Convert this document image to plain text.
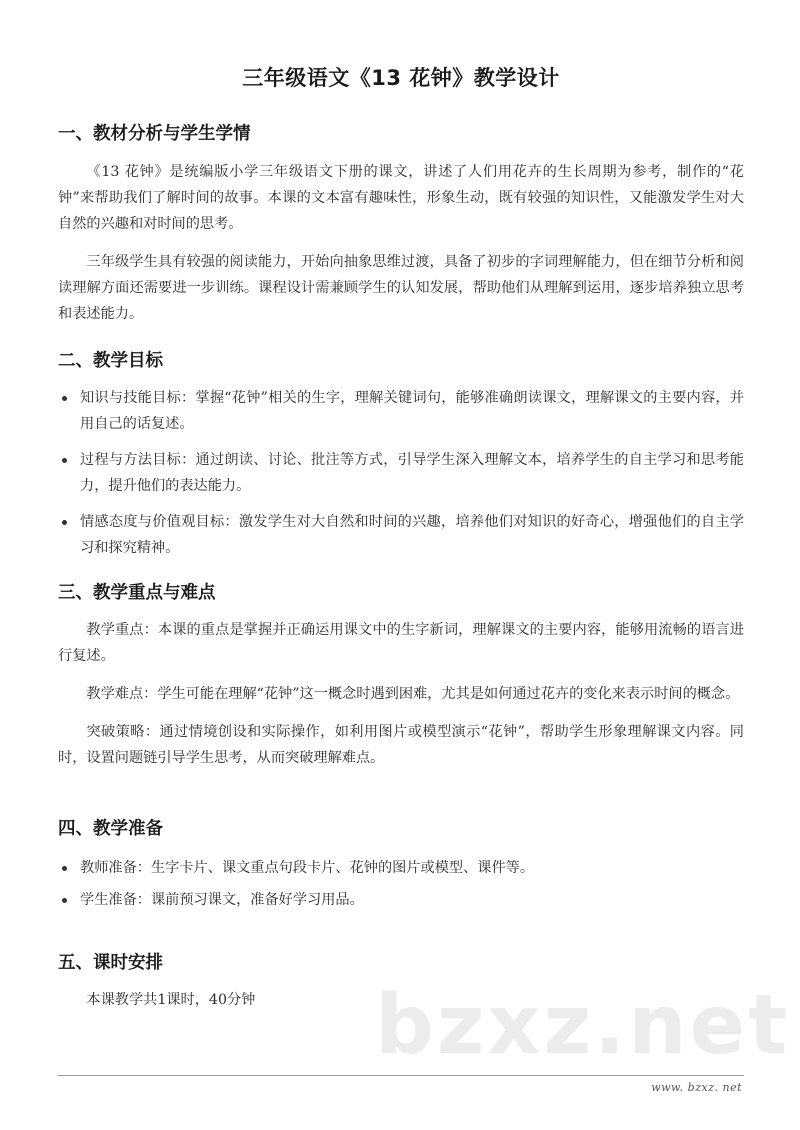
三年级语文《13 花钟》教学设计
一、教材分析与学生学情

《13 花钟》是统编版小学三年级语文下册的课文，讲述了人们用花卉的生长周期为参考，制作的“花钟”来帮助我们了解时间的故事。本课的文本富有趣味性，形象生动，既有较强的知识性，又能激发学生对大自然的兴趣和对时间的思考。

三年级学生具有较强的阅读能力，开始向抽象思维过渡，具备了初步的字词理解能力，但在细节分析和阅读理解方面还需要进一步训练。课程设计需兼顾学生的认知发展，帮助他们从理解到运用，逐步培养独立思考和表述能力。

二、教学目标
知识与技能目标：掌握“花钟”相关的生字，理解关键词句，能够准确朗读课文，理解课文的主要内容，并用自己的话复述。
过程与方法目标：通过朗读、讨论、批注等方式，引导学生深入理解文本，培养学生的自主学习和思考能力，提升他们的表达能力。
情感态度与价值观目标：激发学生对大自然和时间的兴趣，培养他们对知识的好奇心，增强他们的自主学习和探究精神。
三、教学重点与难点

教学重点：本课的重点是掌握并正确运用课文中的生字新词，理解课文的主要内容，能够用流畅的语言进行复述。

教学难点：学生可能在理解“花钟”这一概念时遇到困难，尤其是如何通过花卉的变化来表示时间的概念。

突破策略：通过情境创设和实际操作，如利用图片或模型演示“花钟”，帮助学生形象理解课文内容。同时，设置问题链引导学生思考，从而突破理解难点。

四、教学准备
教师准备：生字卡片、课文重点句段卡片、花钟的图片或模型、课件等。
学生准备：课前预习课文，准备好学习用品。
五、课时安排

本课教学共1课时，40分钟	bzxz.net
www. bzxz. net
